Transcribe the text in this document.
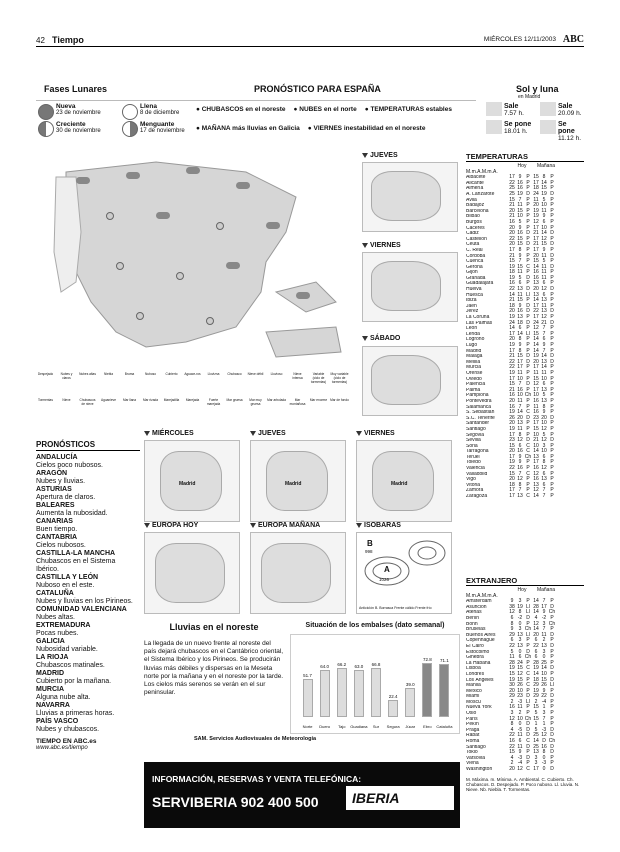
42 Tiempo	MIÉRCOLES 12/11/2003 ABC
Fases Lunares
Nueva
23 de noviembre
Llena
8 de diciembre
Creciente
30 de noviembre
Menguante
17 de noviembre
PRONÓSTICO PARA ESPAÑA
● CHUBASCOS en el noreste ● NUBES en el norte ● TEMPERATURAS estables
● MAÑANA más lluvias en Galicia ● VIERNES inestabilidad en el noreste
Sol y luna
en Madrid
Sale
7.57 h.
Sale
20.09 h.
Se pone
18.01 h.
Se pone
11.12 h.
Despejado	Nubes y claros
Nubes altas	Niebla	Bruma	Nuboso	Cubierto	Aguace-ros	Llovizna	Chubasco	Nieve débil	Lluvioso	Nieve intensa
Variable (ciclo de tormentas)
Muy variable (ciclo de tormentas)
Tormentas	Nieve	Chubascos de nieve
Aguanieve	Mar llana	Mar rizada	Marejadilla	Marejada	Fuerte marejada
Mar gruesa	Mar muy gruesa
Mar arbolada	Mar montañosa
Mar enorme Mar de fondo
JUEVES
VIERNES
SÁBADO
MIÉRCOLES
Madrid
JUEVES
Madrid
VIERNES
Madrid
EUROPA HOY	EUROPA MAÑANA	ISOBARAS
A
1026
B
998
Anticiclón B. Borrasca Frente cálido Frente frío
PRONÓSTICOS
ANDALUCÍA
Cielos poco nubosos.
ARAGÓN
Nubes y lluvias.
ASTURIAS
Apertura de claros.
BALEARES
Aumenta la nubosidad.
CANARIAS
Buen tiempo.
CANTABRIA
Cielos nubosos.
CASTILLA-LA MANCHA
Chubascos en el Sistema Ibérico.
CASTILLA Y LEÓN
Nuboso en el este.
CATALUÑA
Nubes y lluvias en los Pirineos.
COMUNIDAD VALENCIANA
Nubes altas.
EXTREMADURA
Pocas nubes.
GALICIA
Nubosidad variable.
LA RIOJA
Chubascos matinales.
MADRID
Cubierto por la mañana.
MURCIA
Alguna nube alta.
NAVARRA
Lluvias a primeras horas.
PAÍS VASCO
Nubes y chubascos.
TIEMPO EN ABC.es
www.abc.es/tiempo
Lluvias en el noreste
La llegada de un nuevo frente al noreste del país dejará chubascos en el Cantábrico oriental, el Sistema Ibérico y los Pirineos. Se producirán lluvias más débiles y dispersas en la Meseta norte por la mañana y en el noreste por la tarde. Los cielos más serenos se verán en el sur peninsular.
Situación de los embalses (dato semanal)
51.7
Norte
64.0
Duero
66.2
Tajo
63.0
Guadiana
66.8
Sur
22.4
Segura
39.0
Júcar
72.8
Ebro
71.1
Cataluña
SAM. Servicios Audiovisuales de Meteorología
INFORMACIÓN, RESERVAS Y VENTA TELEFÓNICA:
SERVIBERIA 902 400 500	IBERIA
TEMPERATURAS
Hoy	Mañana
M.m.A.M.m.A.
Albacete	17 9 P 15 8 P
Alicante	22 16 P 17 14 P
Almería	25 16 P 18 15 P
A. Lanzarote	25 19 D 24 19 D
Ávila	15 7 P 11 5 P
Badajoz	21 11 P 20 10 P
Barcelona	20 15 P 19 11 P
Bilbao	21 10 P 19 9 P
Burgos	16 5 P 12 6 P
Cáceres	20 9 P 17 10 P
Cádiz	20 16 D 21 14 D
Castellón	22 15 P 17 12 P
Ceuta	20 15 D 21 15 D
C. Real	17 8 P 17 9 P
Córdoba	21 9 P 20 11 D
Cuenca	15 7 P 15 5 P
Gerona	19 15 C 14 11 D
Gijón	18 11 P 16 11 P
Granada	19 5 D 16 11 P
Guadalajara	16 6 P 13 6 P
Huelva	22 13 D 20 12 D
Huesca	14 11 Ll 13 6 P
Ibiza	21 15 P 14 13 P
Jaén	18 9 D 17 11 P
Jerez	20 16 D 22 13 D
La Coruña	19 13 P 17 12 P
Las Palmas	24 18 D 24 21 D
León	14 6 P 12 7 P
Lérida	17 14 Ll 15 7 P
Logroño	20 8 P 14 6 P
Lugo	19 9 P 14 9 P
Madrid	17 8 P 14 7 P
Málaga	21 15 D 19 14 D
Melilla	22 17 D 20 13 D
Murcia	22 17 P 17 14 P
Orense	19 11 P 11 11 P
Oviedo	17 10 P 15 10 P
Palencia	15 7 D 12 6 P
Palma	21 16 P 17 13 P
Pamplona	16 10 Ch 10 5 P
Pontevedra	20 11 P 16 13 P
Salamanca	16 7 P 11 8 P
S. Sebastián	19 14 C 16 9 P
S.C. Tenerife	26 20 D 23 20 D
Santander	20 13 P 17 10 P
Santiago	19 11 P 15 12 P
Segovia	17 8 P 10 5 P
Sevilla	23 12 D 21 12 D
Soria	15 6 C 10 3 P
Tarragona	20 16 C 14 10 P
Teruel	17 9 Ch 13 6 P
Toledo	19 9 P 17 8 P
Valencia	22 16 P 16 12 P
Valladolid	15 7 C 12 6 P
Vigo	20 12 P 16 13 P
Vitoria	18 8 P 13 6 P
Zamora	17 7 P 12 7 P
Zaragoza	17 13 C 14 7 P
EXTRANJERO
Hoy	Mañana
M.m.A.M.m.A.
Amsterdam	9	3 P 14 7 P
Asunción	38 19 Ll 28 17 D
Atenas	12 8 Ll 14 9 Ch
Berlín	6 -2 D 4 -2 P
Bonn	8	0 P 12 3 Ch
Bruselas	9	3 Ch 14 7 P
Buenos Aires	29 13 Ll 20 11 D
Copenhague	6	3 P 6	2 P
El Cairo	22 13 P 22 13 D
Estocolmo	5	0 D 6	3 P
Ginebra	11 6 Ch 6	0 P
La Habana	28 24 P 28 25 P
Lisboa	19 15 C 19 14 D
Londres	15 12 C 14 10 P
Los Ángeles	19 15 P 18 15 D
Manila	30 26 C 29 26 Ll
México	20 10 P 19 9 P
Miami	29 23 D 29 22 D
Moscú	2 -3 Ll 2 -4 P
Nueva York	16 11 P 15 1 P
Oslo	3	2 P 5	3 P
París	12 10 Ch 15 7 P
Pekín	8	0 D 1	1 P
Praga	4 -5 D 5 -3 D
Rabat	22 11 D 25 12 D
Roma	16 6 C 14 D Ch
Santiago	22 11 D 25 16 D
Tokio	15 9 P 13 8 D
Varsovia	4 -3 D 3	0 P
Viena	2 -4 P 3 -3 P
Washington	20 12 C 17 0 D
M. Máxima. m. Mínima. A. Ambiental. C. Cubierto. Ch. Chubascos. D. Despejado. P. Poco nuboso. Ll. Lluvia. N. Nieve. Nb. Niebla. T. Tormentas.
